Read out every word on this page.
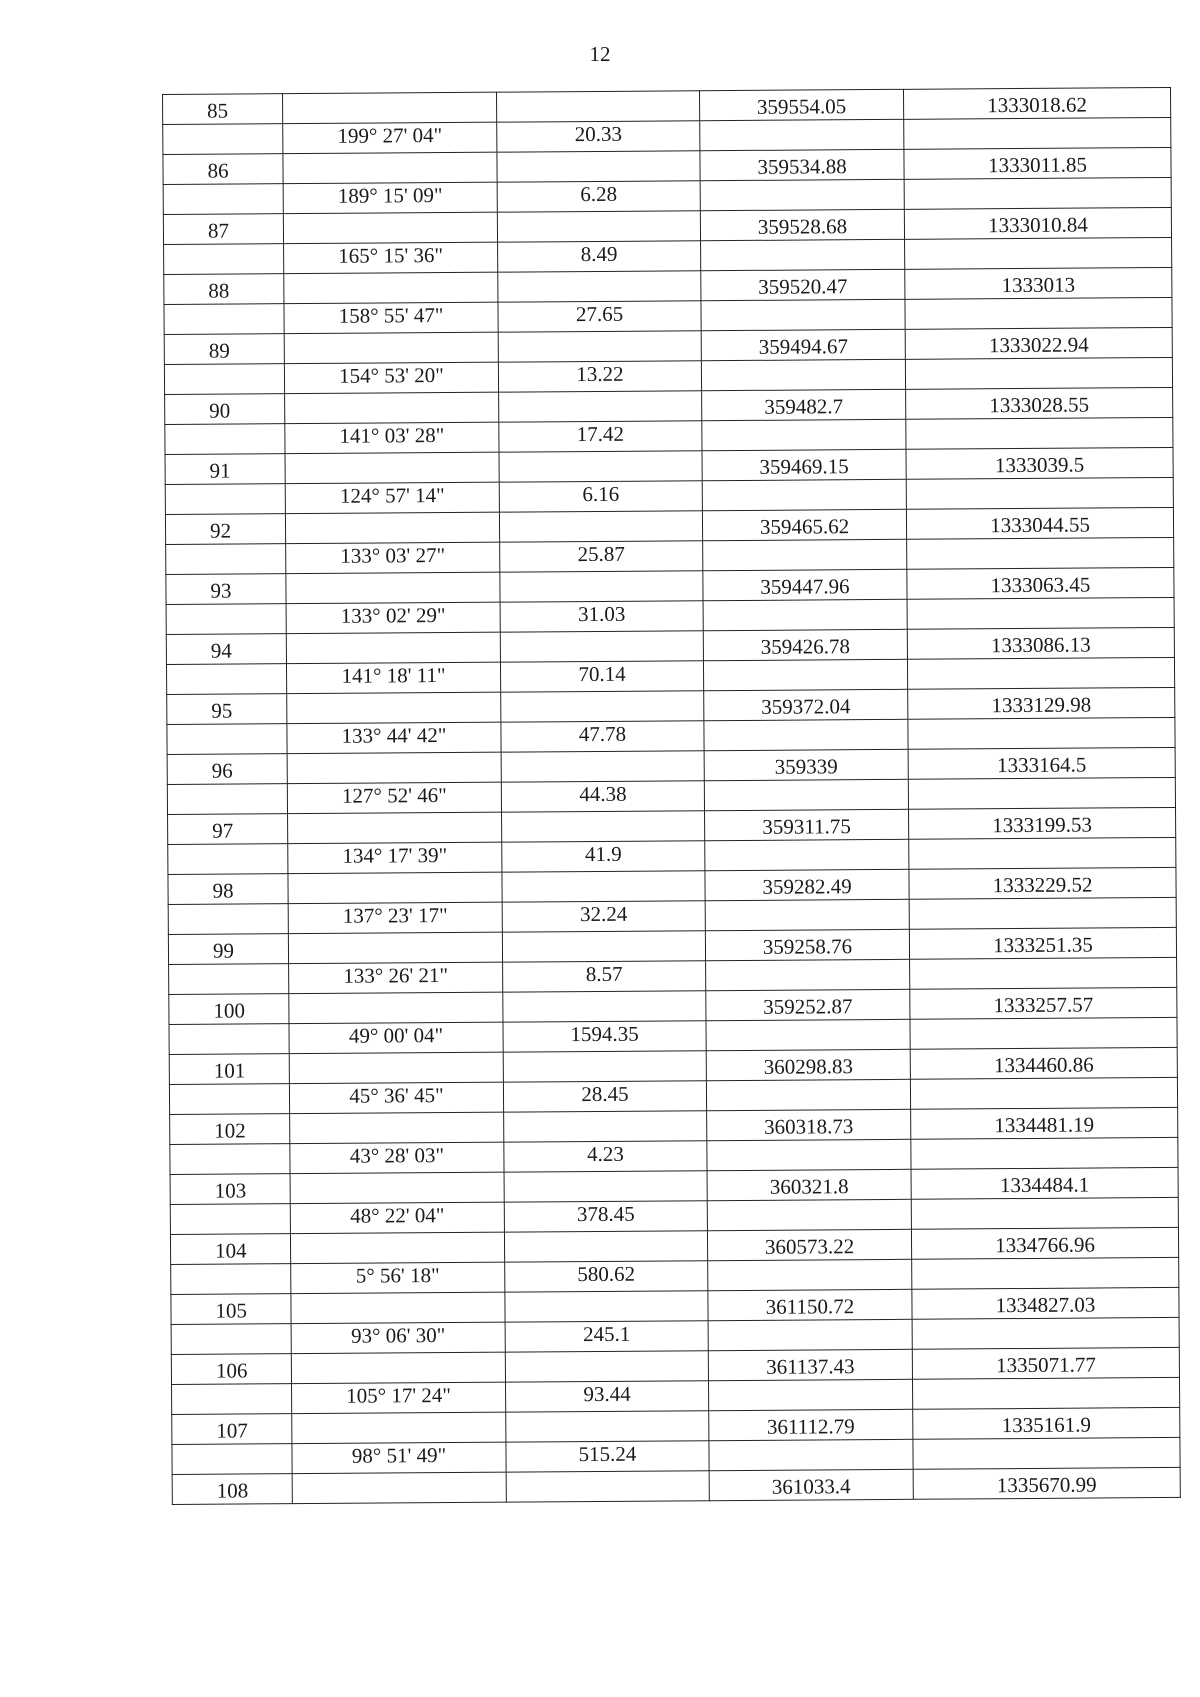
12
85			359554.05	1333018.62
	199° 27' 04"	20.33		
86			359534.88	1333011.85
	189° 15' 09"	6.28		
87			359528.68	1333010.84
	165° 15' 36"	8.49		
88			359520.47	1333013
	158° 55' 47"	27.65		
89			359494.67	1333022.94
	154° 53' 20"	13.22		
90			359482.7	1333028.55
	141° 03' 28"	17.42		
91			359469.15	1333039.5
	124° 57' 14"	6.16		
92			359465.62	1333044.55
	133° 03' 27"	25.87		
93			359447.96	1333063.45
	133° 02' 29"	31.03		
94			359426.78	1333086.13
	141° 18' 11"	70.14		
95			359372.04	1333129.98
	133° 44' 42"	47.78		
96			359339	1333164.5
	127° 52' 46"	44.38		
97			359311.75	1333199.53
	134° 17' 39"	41.9		
98			359282.49	1333229.52
	137° 23' 17"	32.24		
99			359258.76	1333251.35
	133° 26' 21"	8.57		
100			359252.87	1333257.57
	49° 00' 04"	1594.35		
101			360298.83	1334460.86
	45° 36' 45"	28.45		
102			360318.73	1334481.19
	43° 28' 03"	4.23		
103			360321.8	1334484.1
	48° 22' 04"	378.45		
104			360573.22	1334766.96
	5° 56' 18"	580.62		
105			361150.72	1334827.03
	93° 06' 30"	245.1		
106			361137.43	1335071.77
	105° 17' 24"	93.44		
107			361112.79	1335161.9
	98° 51' 49"	515.24		
108			361033.4	1335670.99
